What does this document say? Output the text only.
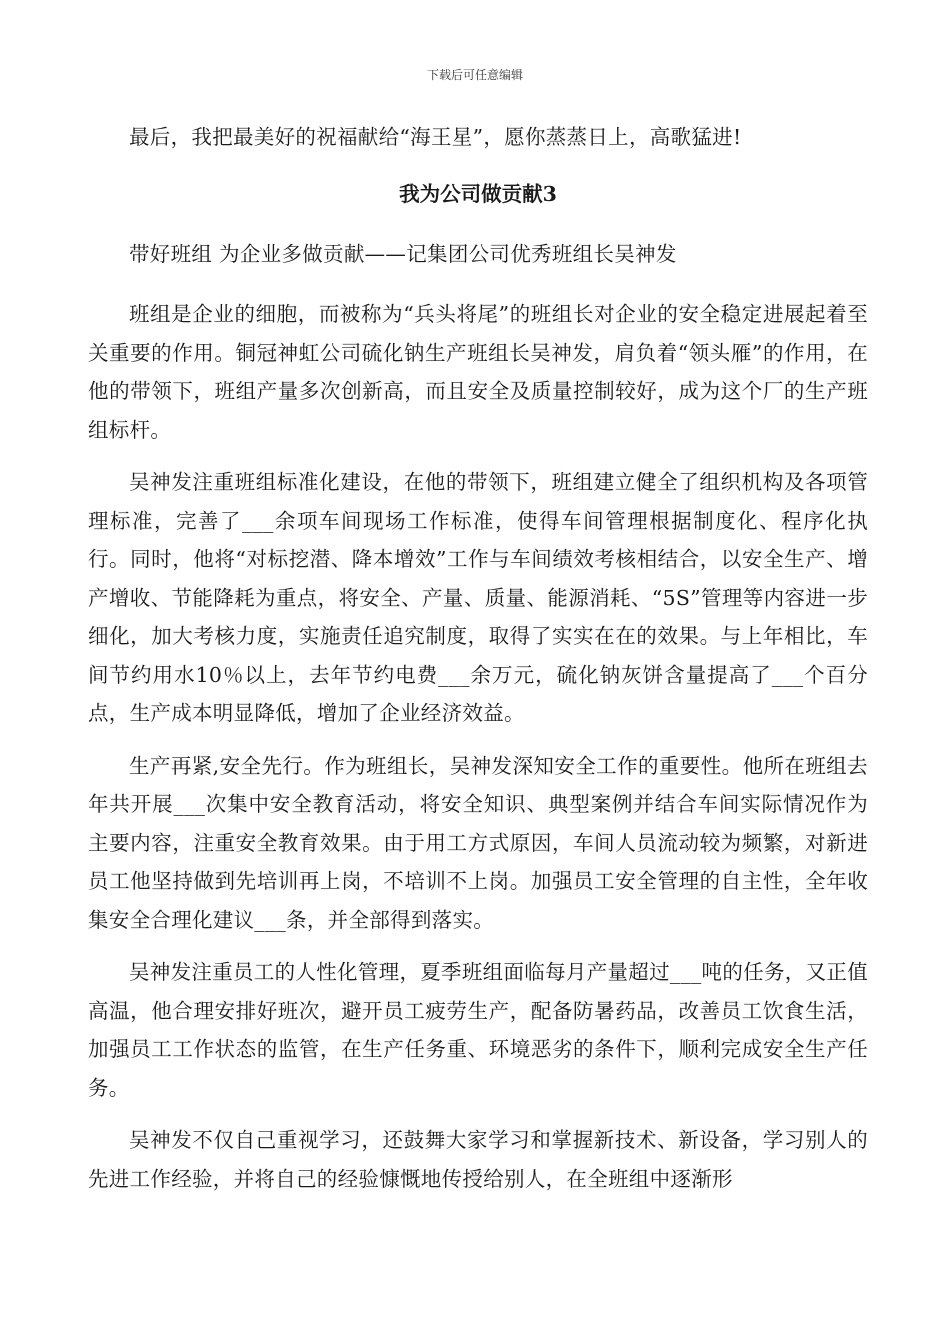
下载后可任意编辑

最后，我把最美好的祝福献给“海王星”，愿你蒸蒸日上，高歌猛进!

我为公司做贡献3

带好班组 为企业多做贡献——记集团公司优秀班组长吴神发

班组是企业的细胞，而被称为“兵头将尾”的班组长对企业的安全稳定进展起着至关重要的作用。铜冠神虹公司硫化钠生产班组长吴神发，肩负着“领头雁”的作用，在他的带领下，班组产量多次创新高，而且安全及质量控制较好，成为这个厂的生产班组标杆。

吴神发注重班组标准化建设，在他的带领下，班组建立健全了组织机构及各项管理标准，完善了___余项车间现场工作标准，使得车间管理根据制度化、程序化执行。同时，他将“对标挖潜、降本增效”工作与车间绩效考核相结合，以安全生产、增产增收、节能降耗为重点，将安全、产量、质量、能源消耗、“5S”管理等内容进一步细化，加大考核力度，实施责任追究制度，取得了实实在在的效果。与上年相比，车间节约用水10％以上，去年节约电费___余万元，硫化钠灰饼含量提高了___个百分点，生产成本明显降低，增加了企业经济效益。

生产再紧,安全先行。作为班组长，吴神发深知安全工作的重要性。他所在班组去年共开展___次集中安全教育活动，将安全知识、典型案例并结合车间实际情况作为主要内容，注重安全教育效果。由于用工方式原因，车间人员流动较为频繁，对新进员工他坚持做到先培训再上岗，不培训不上岗。加强员工安全管理的自主性，全年收集安全合理化建议___条，并全部得到落实。

吴神发注重员工的人性化管理，夏季班组面临每月产量超过___吨的任务，又正值高温，他合理安排好班次，避开员工疲劳生产，配备防暑药品，改善员工饮食生活，加强员工工作状态的监管，在生产任务重、环境恶劣的条件下，顺利完成安全生产任务。

吴神发不仅自己重视学习，还鼓舞大家学习和掌握新技术、新设备，学习别人的先进工作经验，并将自己的经验慷慨地传授给别人，在全班组中逐渐形
